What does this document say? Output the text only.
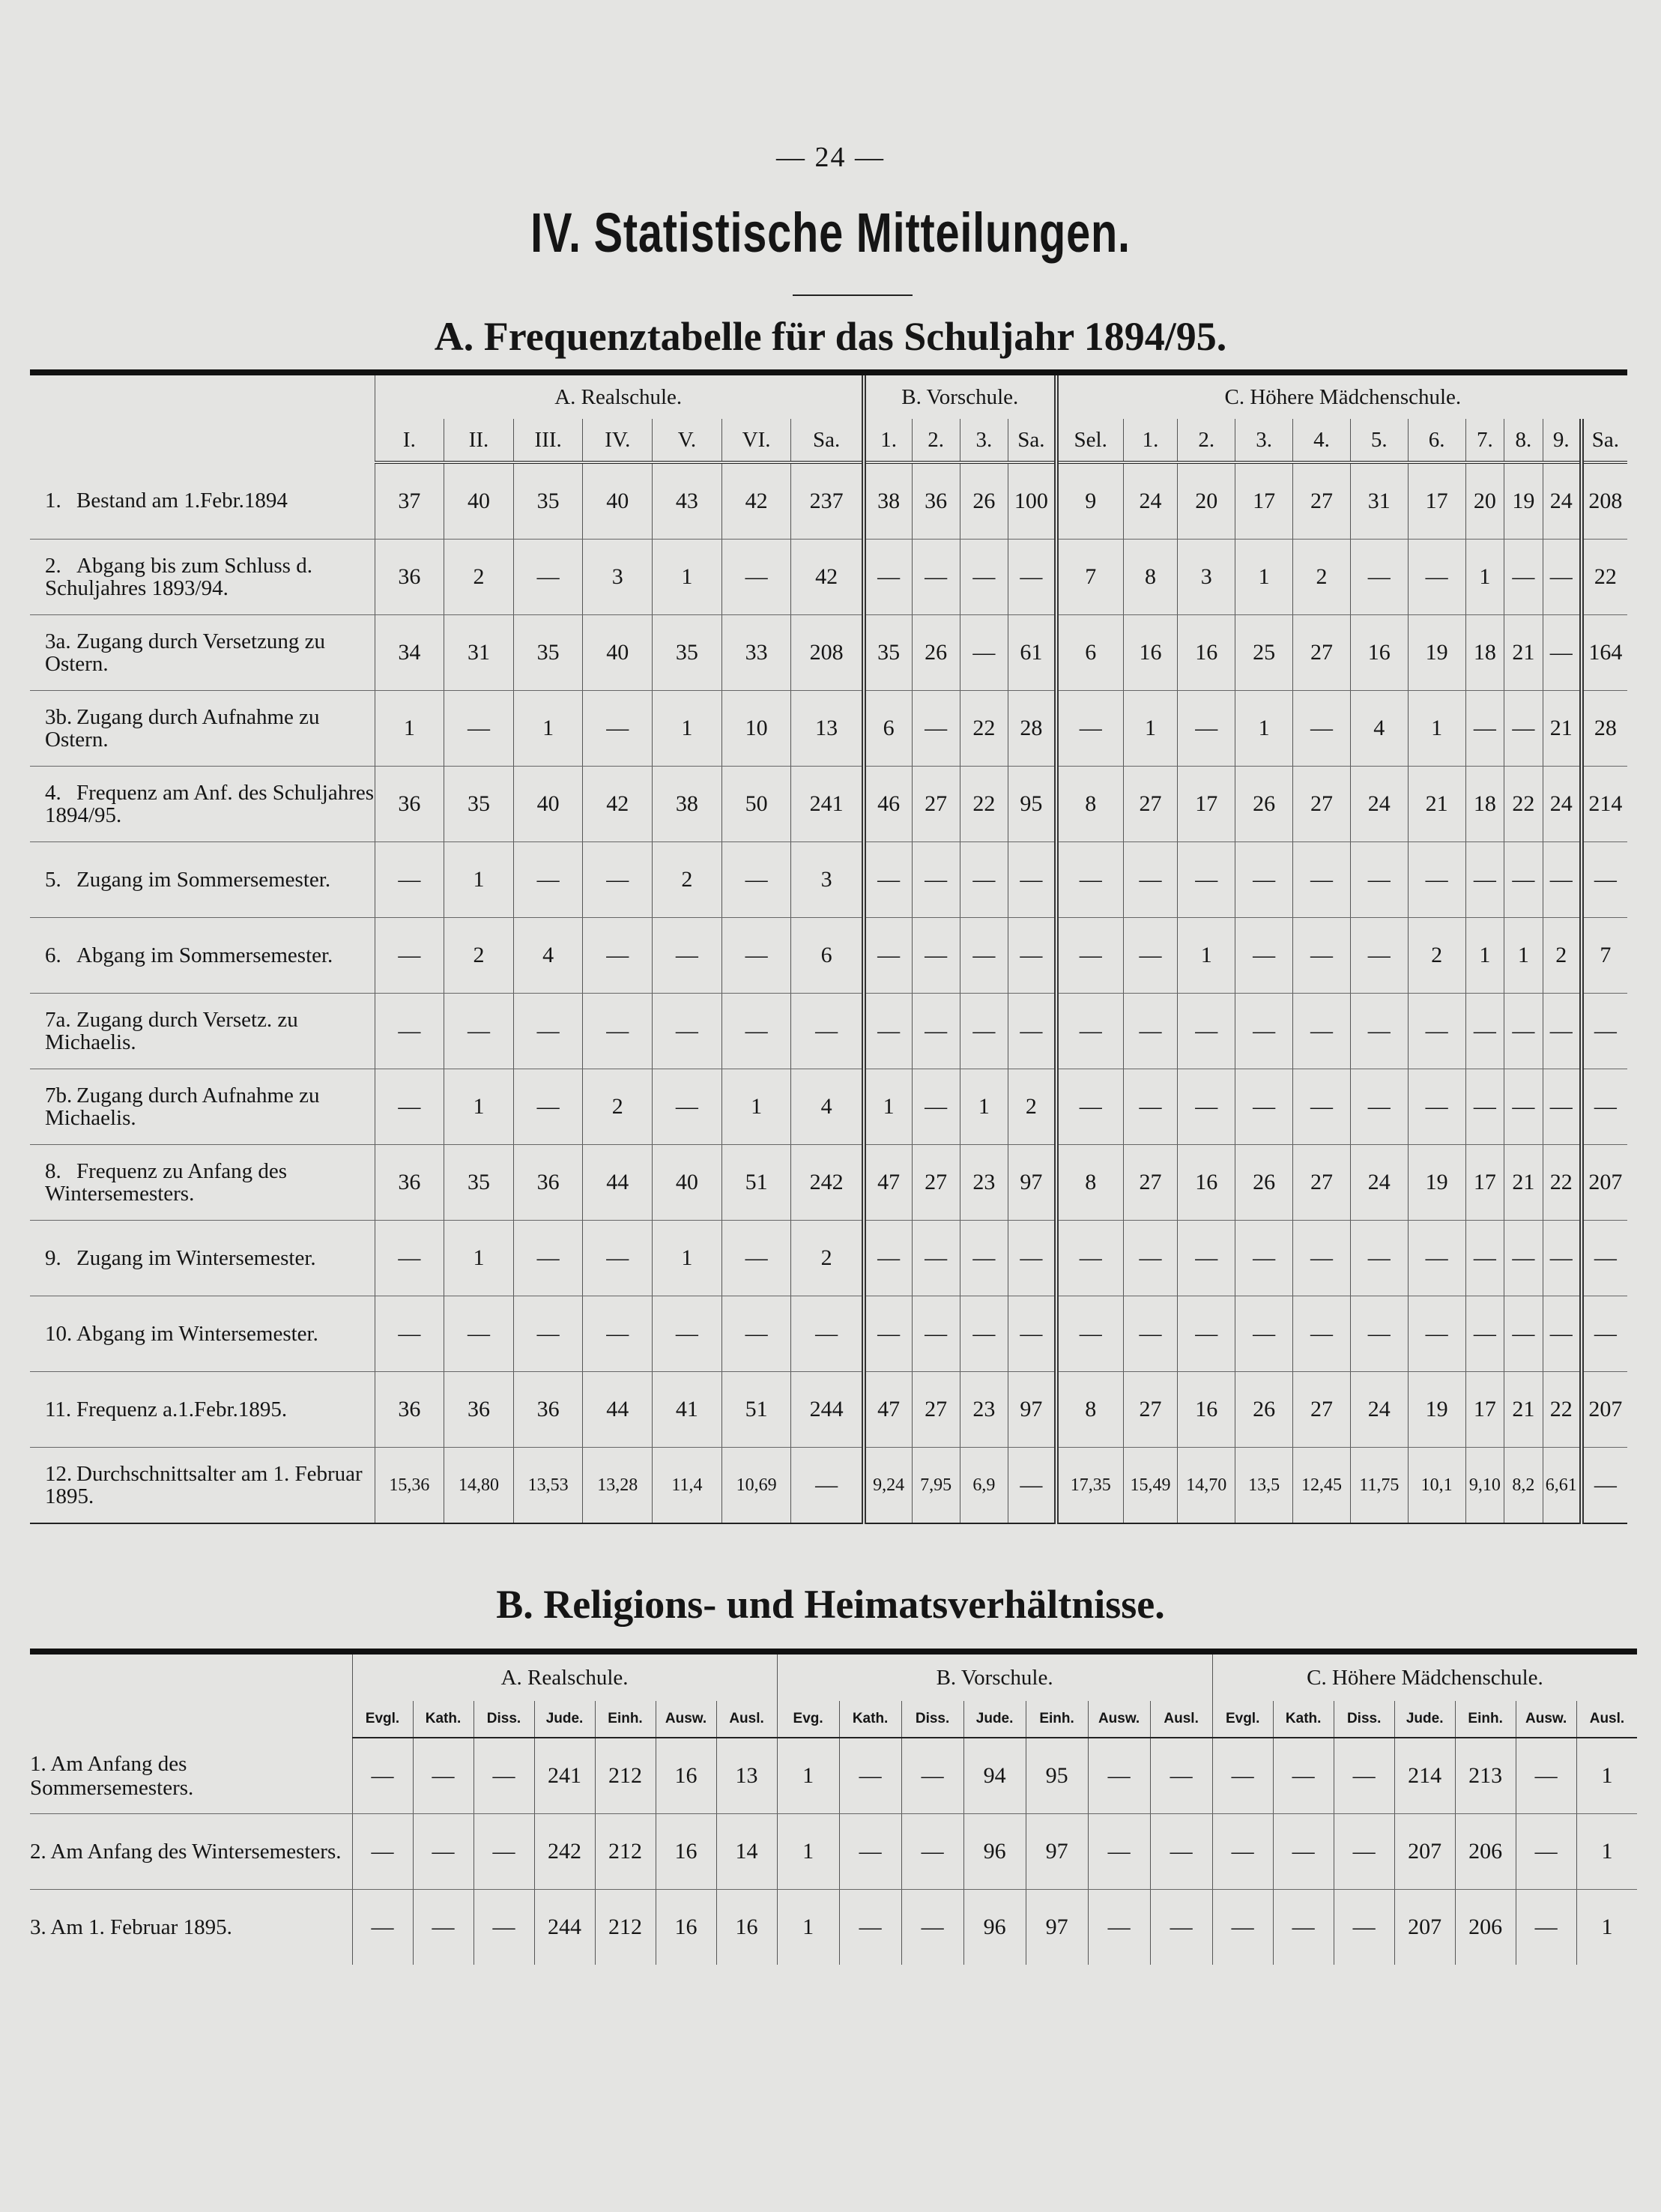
— 24 —
IV. Statistische Mitteilungen.
A. Frequenztabelle für das Schuljahr 1894/95.
	A. Realschule.							B. Vorschule.				C. Höhere Mädchenschule.										
	I.	II.	III.	IV.	V.	VI.	Sa.	1.	2.	3.	Sa.	Sel.	1.	2.	3.	4.	5.	6.	7.	8.	9.	Sa.
1. Bestand am 1.Febr.1894	37	40	35	40	43	42	237	38	36	26	100	9	24	20	17	27	31	17	20	19	24	208
2. Abgang bis zum Schluss d. Schuljahres 1893/94.	36	2	—	3	1	—	42	—	—	—	—	7	8	3	1	2	—	—	1	—	—	22
3a. Zugang durch Versetzung zu Ostern.	34	31	35	40	35	33	208	35	26	—	61	6	16	16	25	27	16	19	18	21	—	164
3b. Zugang durch Aufnahme zu Ostern.	1	—	1	—	1	10	13	6	—	22	28	—	1	—	1	—	4	1	—	—	21	28
4. Frequenz am Anf. des Schuljahres 1894/95.	36	35	40	42	38	50	241	46	27	22	95	8	27	17	26	27	24	21	18	22	24	214
5. Zugang im Sommersemester.	—	1	—	—	2	—	3	—	—	—	—	—	—	—	—	—	—	—	—	—	—	—
6. Abgang im Sommersemester.	—	2	4	—	—	—	6	—	—	—	—	—	—	1	—	—	—	2	1	1	2	7
7a. Zugang durch Versetz. zu Michaelis.	—	—	—	—	—	—	—	—	—	—	—	—	—	—	—	—	—	—	—	—	—	—
7b. Zugang durch Aufnahme zu Michaelis.	—	1	—	2	—	1	4	1	—	1	2	—	—	—	—	—	—	—	—	—	—	—
8. Frequenz zu Anfang des Wintersemesters.	36	35	36	44	40	51	242	47	27	23	97	8	27	16	26	27	24	19	17	21	22	207
9. Zugang im Wintersemester.	—	1	—	—	1	—	2	—	—	—	—	—	—	—	—	—	—	—	—	—	—	—
10. Abgang im Wintersemester.	—	—	—	—	—	—	—	—	—	—	—	—	—	—	—	—	—	—	—	—	—	—
11. Frequenz a.1.Febr.1895.	36	36	36	44	41	51	244	47	27	23	97	8	27	16	26	27	24	19	17	21	22	207
12. Durchschnittsalter am 1. Februar 1895.	15,36	14,80	13,53	13,28	11,4	10,69	—	9,24	7,95	6,9	—	17,35	15,49	14,70	13,5	12,45	11,75	10,1	9,10	8,2	6,61	—
B. Religions- und Heimatsverhältnisse.
	A. Realschule.							B. Vorschule.							C. Höhere Mädchenschule.						
	Evgl.	Kath.	Diss.	Jude.	Einh.	Ausw.	Ausl.	Evg.	Kath.	Diss.	Jude.	Einh.	Ausw.	Ausl.	Evgl.	Kath.	Diss.	Jude.	Einh.	Ausw.	Ausl.
1. Am Anfang des Sommersemesters.	—	—	—	241	212	16	13	1	—	—	94	95	—	—	—	—	—	214	213	—	1
2. Am Anfang des Wintersemesters.	—	—	—	242	212	16	14	1	—	—	96	97	—	—	—	—	—	207	206	—	1
3. Am 1. Februar 1895.	—	—	—	244	212	16	16	1	—	—	96	97	—	—	—	—	—	207	206	—	1
